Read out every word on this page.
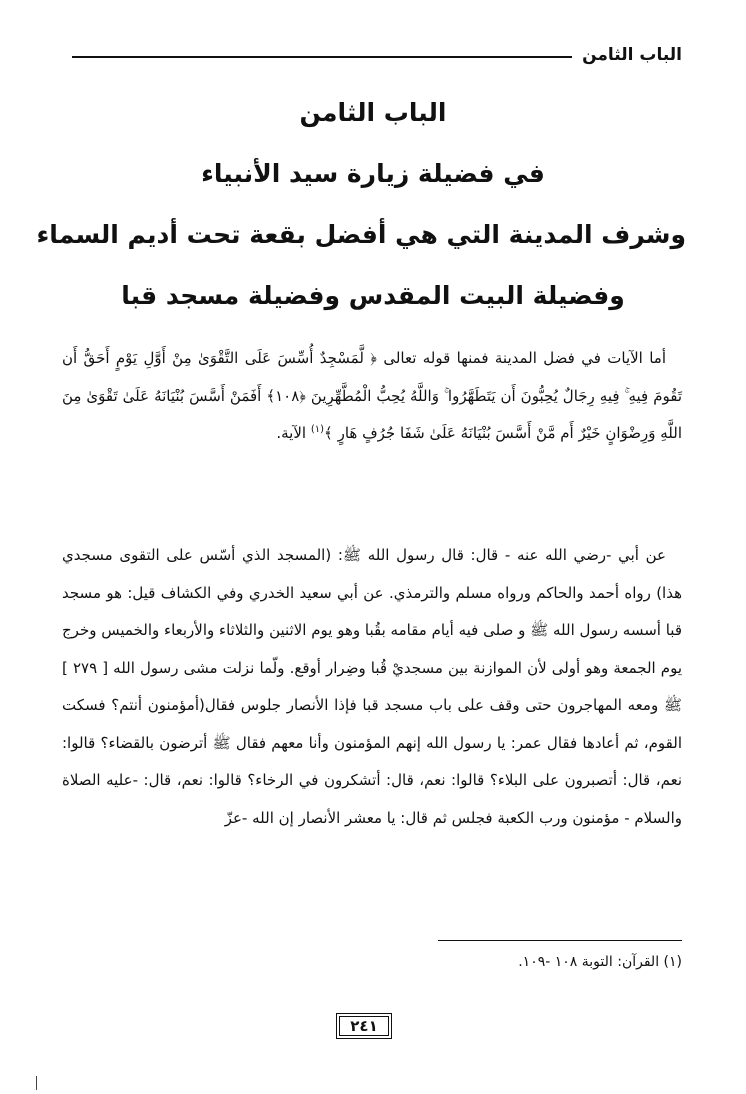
الباب الثامن
الباب الثامن
في فضيلة زيارة سيد الأنبياء
وشرف المدينة التي هي أفضل بقعة تحت أديم السماء
وفضيلة البيت المقدس وفضيلة مسجد قبا

أما الآيات في فضل المدينة فمنها قوله تعالى ﴿ لَّمَسْجِدٌ أُسِّسَ عَلَى التَّقْوَىٰ مِنْ أَوَّلِ يَوْمٍ أَحَقُّ أَن تَقُومَ فِيهِ ۚ فِيهِ رِجَالٌ يُحِبُّونَ أَن يَتَطَهَّرُوا ۚ وَاللَّهُ يُحِبُّ الْمُطَّهِّرِينَ ﴿١٠٨﴾ أَفَمَنْ أَسَّسَ بُنْيَانَهُ عَلَىٰ تَقْوَىٰ مِنَ اللَّهِ وَرِضْوَانٍ خَيْرٌ أَم مَّنْ أَسَّسَ بُنْيَانَهُ عَلَىٰ شَفَا جُرُفٍ هَارٍ ﴾$^{(١)}$ الآية.

عن أبي -رضي الله عنه - قال: قال رسول الله ﷺ: (المسجد الذي أسّس على التقوى مسجدي هذا) رواه أحمد والحاكم ورواه مسلم والترمذي. عن أبي سعيد الخدري وفي الكشاف قيل: هو مسجد قبا أسسه رسول الله ﷺ و صلى فيه أيام مقامه بقُبا وهو يوم الاثنين والثلاثاء والأربعاء والخميس وخرج يوم الجمعة وهو أولى لأن الموازنة بين مسجديْ قُبا وضِرار أوقع. ولّما نزلت مشى رسول الله [ ٢٧٩ ] ﷺ ومعه المهاجرون حتى وقف على باب مسجد قبا فإذا الأنصار جلوس فقال(أمؤمنون أنتم؟ فسكت القوم، ثم أعادها فقال عمر: يا رسول الله إنهم المؤمنون وأنا معهم فقال ﷺ أترضون بالقضاء؟ قالوا: نعم، قال: أتصبرون على البلاء؟ قالوا: نعم، قال: أتشكرون في الرخاء؟ قالوا: نعم، قال: -عليه الصلاة والسلام - مؤمنون ورب الكعبة فجلس ثم قال: يا معشر الأنصار إن الله -عزّ

(١) القرآن: التوبة ١٠٨ -١٠٩.
٢٤١
